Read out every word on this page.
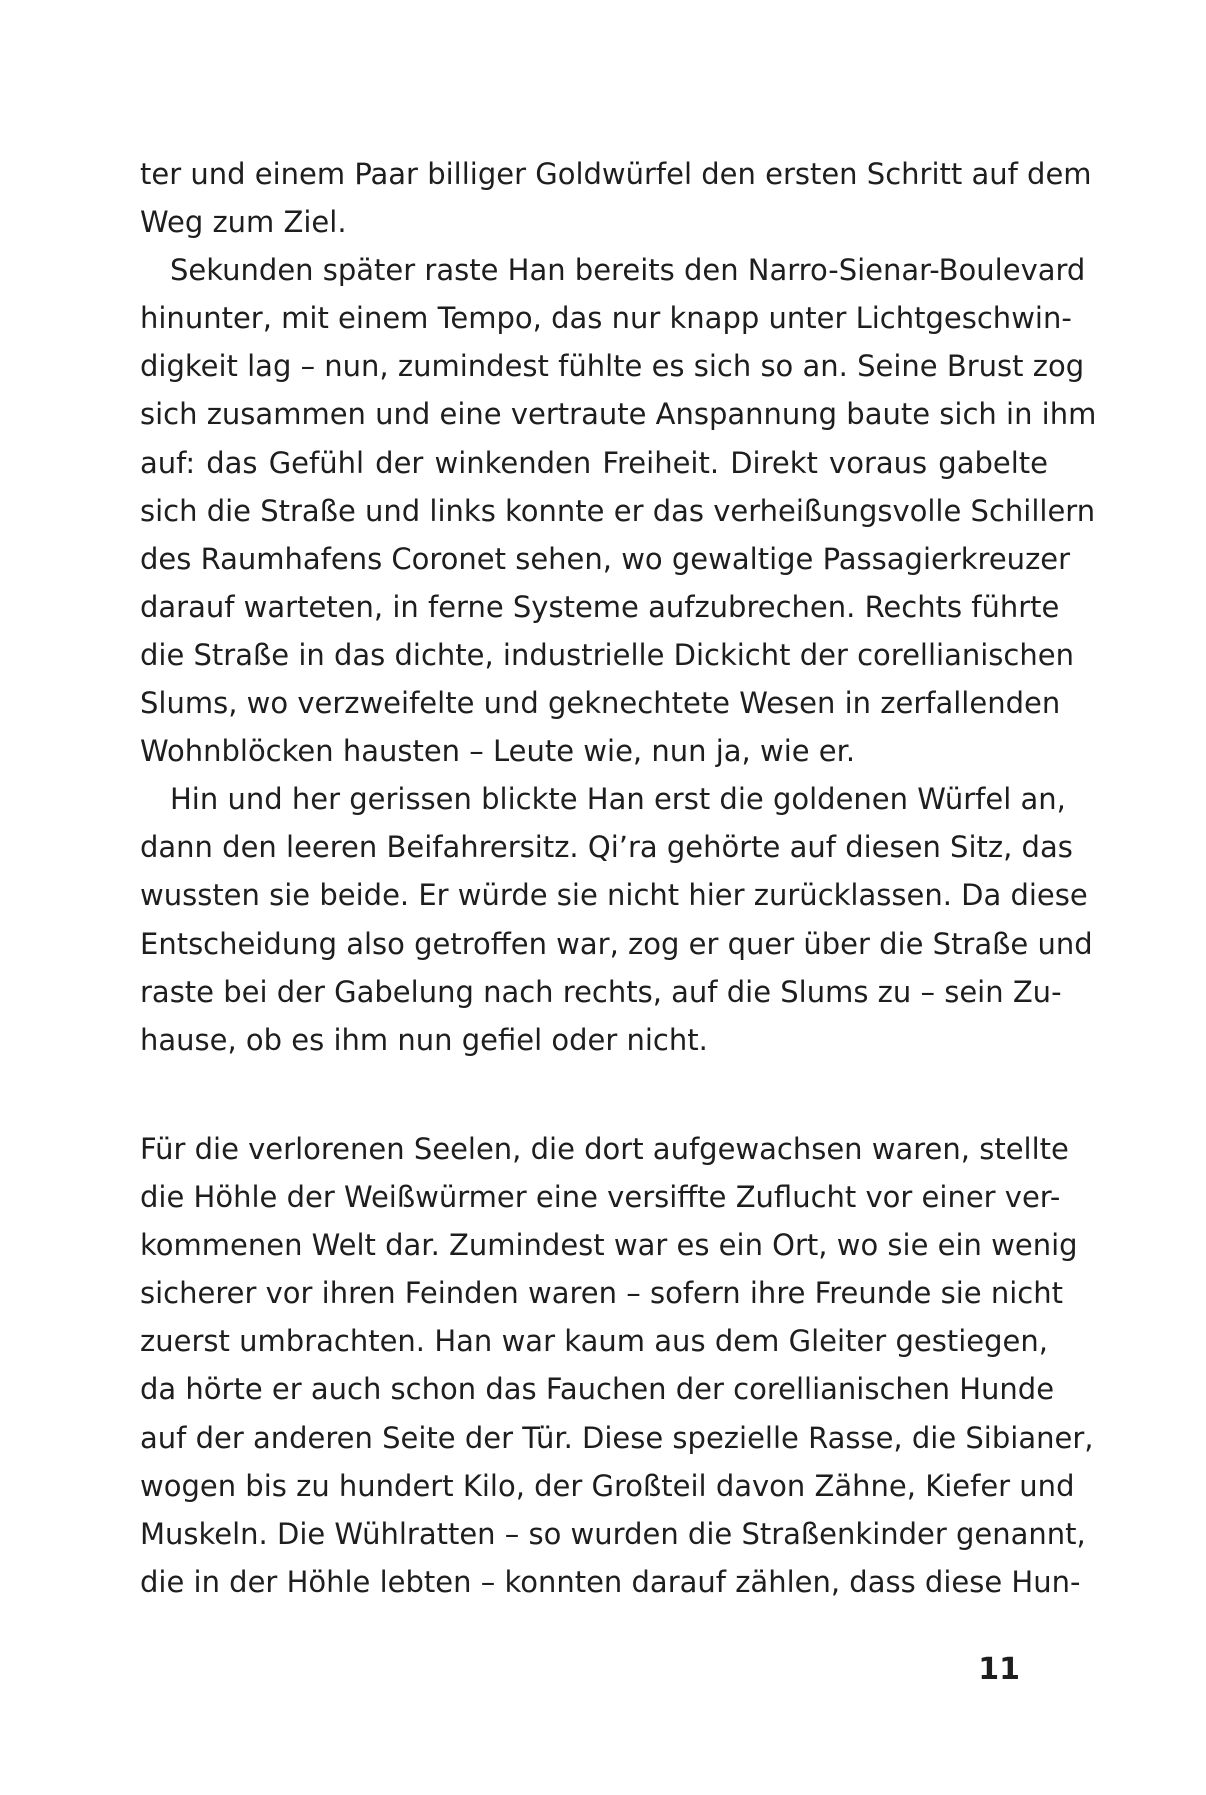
ter und einem Paar billiger Goldwürfel den ersten Schritt auf dem
Weg zum Ziel.
Sekunden später raste Han bereits den Narro-Sienar-Boulevard
hinunter, mit einem Tempo, das nur knapp unter Lichtgeschwin-
digkeit lag – nun, zumindest fühlte es sich so an. Seine Brust zog
sich zusammen und eine vertraute Anspannung baute sich in ihm
auf: das Gefühl der winkenden Freiheit. Direkt voraus gabelte
sich die Straße und links konnte er das verheißungsvolle Schillern
des Raumhafens Coronet sehen, wo gewaltige Passagierkreuzer
darauf warteten, in ferne Systeme aufzubrechen. Rechts führte
die Straße in das dichte, industrielle Dickicht der corellianischen
Slums, wo verzweifelte und geknechtete Wesen in zerfallenden
Wohnblöcken hausten – Leute wie, nun ja, wie er.
Hin und her gerissen blickte Han erst die goldenen Würfel an,
dann den leeren Beifahrersitz. Qi’ra gehörte auf diesen Sitz, das
wussten sie beide. Er würde sie nicht hier zurücklassen. Da diese
Entscheidung also getroffen war, zog er quer über die Straße und
raste bei der Gabelung nach rechts, auf die Slums zu – sein Zu-
hause, ob es ihm nun gefiel oder nicht.
Für die verlorenen Seelen, die dort aufgewachsen waren, stellte
die Höhle der Weißwürmer eine versiffte Zuflucht vor einer ver-
kommenen Welt dar. Zumindest war es ein Ort, wo sie ein wenig
sicherer vor ihren Feinden waren – sofern ihre Freunde sie nicht
zuerst umbrachten. Han war kaum aus dem Gleiter gestiegen,
da hörte er auch schon das Fauchen der corellianischen Hunde
auf der anderen Seite der Tür. Diese spezielle Rasse, die Sibianer,
wogen bis zu hundert Kilo, der Großteil davon Zähne, Kiefer und
Muskeln. Die Wühlratten – so wurden die Straßenkinder genannt,
die in der Höhle lebten – konnten darauf zählen, dass diese Hun-
11
